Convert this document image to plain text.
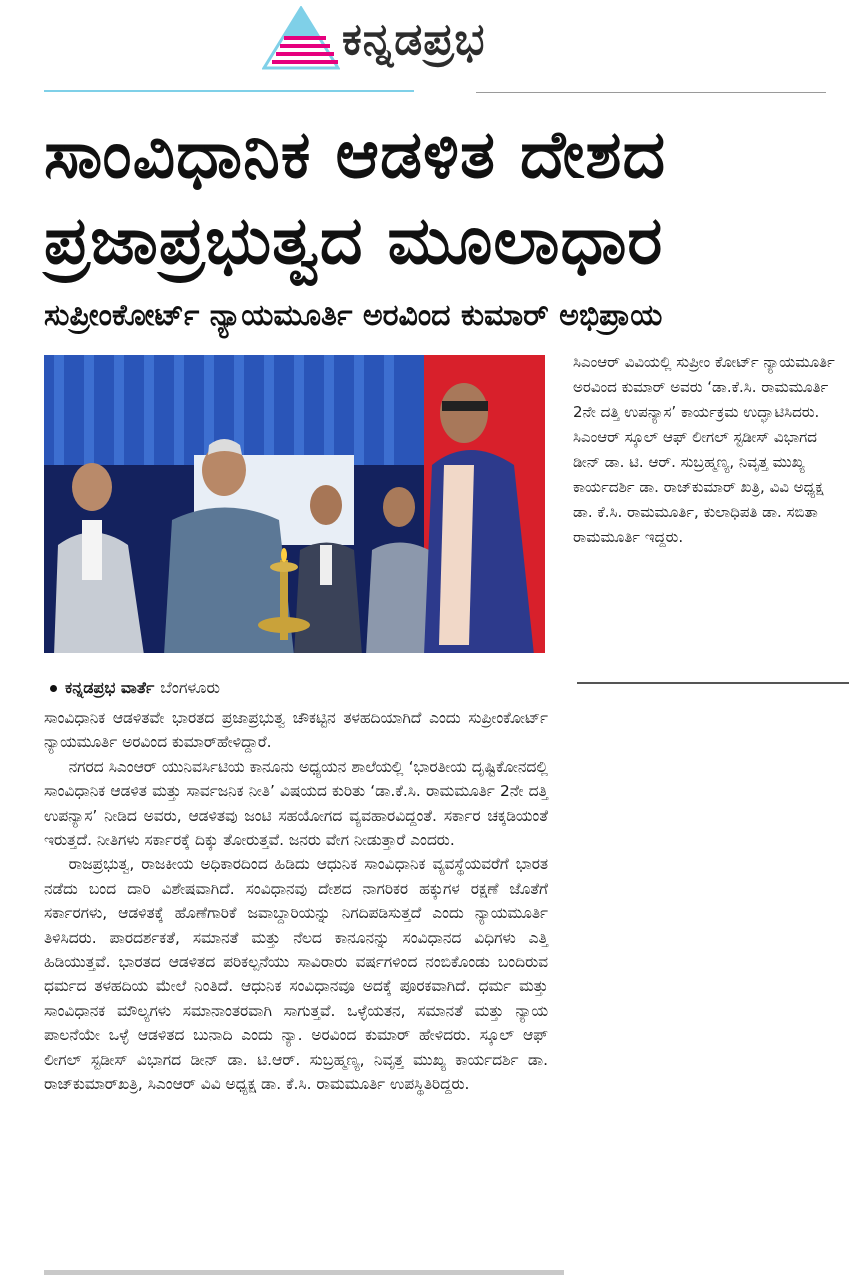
ಕನ್ನಡಪ್ರಭ
ಸಾಂವಿಧಾನಿಕ ಆಡಳಿತ ದೇಶದ
ಪ್ರಜಾಪ್ರಭುತ್ವದ ಮೂಲಾಧಾರ
ಸುಪ್ರೀಂಕೋರ್ಟ್ ನ್ಯಾಯಮೂರ್ತಿ ಅರವಿಂದ ಕುಮಾರ್ ಅಭಿಪ್ರಾಯ
ಸಿಎಂಆರ್ ವಿವಿಯಲ್ಲಿ ಸುಪ್ರೀಂ ಕೋರ್ಟ್ ನ್ಯಾಯಮೂರ್ತಿ ಅರವಿಂದ ಕುಮಾರ್ ಅವರು ‘ಡಾ.ಕೆ.ಸಿ. ರಾಮಮೂರ್ತಿ 2ನೇ ದತ್ತಿ ಉಪನ್ಯಾಸ’ ಕಾರ್ಯಕ್ರಮ ಉದ್ಘಾಟಿಸಿದರು. ಸಿಎಂಆರ್ ಸ್ಕೂಲ್ ಆಫ್ ಲೀಗಲ್ ಸ್ಟಡೀಸ್ ವಿಭಾಗದ ಡೀನ್ ಡಾ. ಟಿ. ಆರ್. ಸುಬ್ರಹ್ಮಣ್ಯ, ನಿವೃತ್ತ ಮುಖ್ಯ ಕಾರ್ಯದರ್ಶಿ ಡಾ. ರಾಜ್‌ಕುಮಾರ್ ಖತ್ರಿ, ವಿವಿ ಅಧ್ಯಕ್ಷ ಡಾ. ಕೆ.ಸಿ. ರಾಮಮೂರ್ತಿ, ಕುಲಾಧಿಪತಿ ಡಾ. ಸಬಿತಾ ರಾಮಮೂರ್ತಿ ಇದ್ದರು.
ಕನ್ನಡಪ್ರಭ ವಾರ್ತೆ ಬೆಂಗಳೂರು

ಸಾಂವಿಧಾನಿಕ ಆಡಳಿತವೇ ಭಾರತದ ಪ್ರಜಾಪ್ರಭುತ್ವ ಚೌಕಟ್ಟಿನ ತಳಹದಿಯಾಗಿದೆ ಎಂದು ಸುಪ್ರೀಂಕೋರ್ಟ್ ನ್ಯಾಯಮೂರ್ತಿ ಅರವಿಂದ ಕುಮಾರ್‌ಹೇಳಿದ್ದಾರೆ.

ನಗರದ ಸಿಎಂಆರ್ ಯುನಿವರ್ಸಿಟಿಯ ಕಾನೂನು ಅಧ್ಯಯನ ಶಾಲೆಯಲ್ಲಿ ‘ಭಾರತೀಯ ದೃಷ್ಟಿಕೋನದಲ್ಲಿ ಸಾಂವಿಧಾನಿಕ ಆಡಳಿತ ಮತ್ತು ಸಾರ್ವಜನಿಕ ನೀತಿ’ ವಿಷಯದ ಕುರಿತು ‘ಡಾ.ಕೆ.ಸಿ. ರಾಮಮೂರ್ತಿ 2ನೇ ದತ್ತಿ ಉಪನ್ಯಾಸ’ ನೀಡಿದ ಅವರು, ಆಡಳಿತವು ಜಂಟಿ ಸಹಯೋಗದ ವ್ಯವಹಾರವಿದ್ದಂತೆ. ಸರ್ಕಾರ ಚಕ್ಕಡಿಯಂತೆ ಇರುತ್ತದೆ. ನೀತಿಗಳು ಸರ್ಕಾರಕ್ಕೆ ದಿಕ್ಕು ತೋರುತ್ತವೆ. ಜನರು ವೇಗ ನೀಡುತ್ತಾರೆ ಎಂದರು.

ರಾಜಪ್ರಭುತ್ವ, ರಾಜಕೀಯ ಅಧಿಕಾರದಿಂದ ಹಿಡಿದು ಆಧುನಿಕ ಸಾಂವಿಧಾನಿಕ ವ್ಯವಸ್ಥೆಯವರೆಗೆ ಭಾರತ ನಡೆದು ಬಂದ ದಾರಿ ವಿಶೇಷವಾಗಿದೆ. ಸಂವಿಧಾನವು ದೇಶದ ನಾಗರಿಕರ ಹಕ್ಕುಗಳ ರಕ್ಷಣೆ ಜೊತೆಗೆ ಸರ್ಕಾರಗಳು, ಆಡಳಿತಕ್ಕೆ ಹೊಣೆಗಾರಿಕೆ ಜವಾಬ್ದಾರಿಯನ್ನು ನಿಗದಿಪಡಿಸುತ್ತದೆ ಎಂದು ನ್ಯಾಯಮೂರ್ತಿ ತಿಳಿಸಿದರು. ಪಾರದರ್ಶಕತೆ, ಸಮಾನತೆ ಮತ್ತು ನೆಲದ ಕಾನೂನನ್ನು ಸಂವಿಧಾನದ ವಿಧಿಗಳು ಎತ್ತಿ ಹಿಡಿಯುತ್ತವೆ. ಭಾರತದ ಆಡಳಿತದ ಪರಿಕಲ್ಪನೆಯು ಸಾವಿರಾರು ವರ್ಷಗಳಿಂದ ನಂಬಿಕೊಂಡು ಬಂದಿರುವ ಧರ್ಮದ ತಳಹದಿಯ ಮೇಲೆ ನಿಂತಿದೆ. ಆಧುನಿಕ ಸಂವಿಧಾನವೂ ಅದಕ್ಕೆ ಪೂರಕವಾಗಿದೆ. ಧರ್ಮ ಮತ್ತು ಸಾಂವಿಧಾನಕ ಮೌಲ್ಯಗಳು ಸಮಾನಾಂತರವಾಗಿ ಸಾಗುತ್ತವೆ. ಒಳ್ಳೆಯತನ, ಸಮಾನತೆ ಮತ್ತು ನ್ಯಾಯ ಪಾಲನೆಯೇ ಒಳ್ಳೆ ಆಡಳಿತದ ಬುನಾದಿ ಎಂದು ನ್ಯಾ. ಅರವಿಂದ ಕುಮಾರ್ ಹೇಳಿದರು. ಸ್ಕೂಲ್ ಆಫ್ ಲೀಗಲ್ ಸ್ಟಡೀಸ್ ವಿಭಾಗದ ಡೀನ್ ಡಾ. ಟಿ.ಆರ್. ಸುಬ್ರಹ್ಮಣ್ಯ, ನಿವೃತ್ತ ಮುಖ್ಯ ಕಾರ್ಯದರ್ಶಿ ಡಾ. ರಾಜ್‌ಕುಮಾರ್‌ಖತ್ರಿ, ಸಿಎಂಆರ್ ವಿವಿ ಅಧ್ಯಕ್ಷ ಡಾ. ಕೆ.ಸಿ. ರಾಮಮೂರ್ತಿ ಉಪಸ್ಥಿತಿರಿದ್ದರು.
